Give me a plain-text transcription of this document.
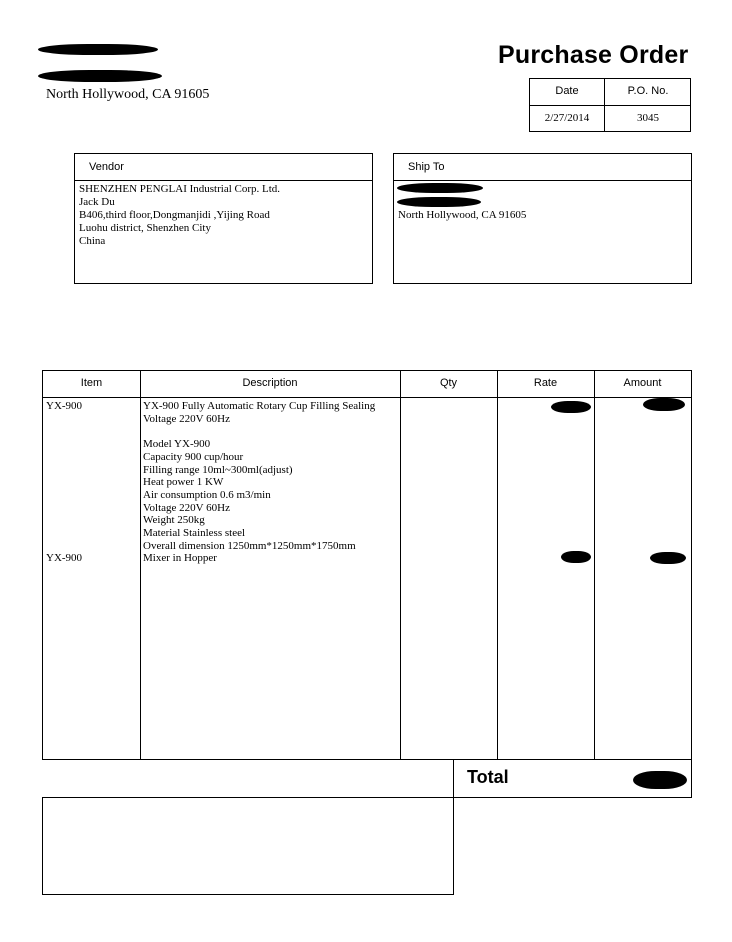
North Hollywood, CA 91605
Purchase Order
Date	P.O. No.
2/27/2014	3045
Vendor
SHENZHEN PENGLAI Industrial Corp. Ltd.
Jack Du
B406,third floor,Dongmanjidi ,Yijing Road
Luohu district, Shenzhen City
China
Ship To
North Hollywood, CA 91605
Item	Description	Qty	Rate	Amount
YX-900	YX-900 Fully Automatic Rotary Cup Filling Sealing
Voltage 220V 60Hz
Model YX-900
Capacity 900 cup/hour
Filling range 10ml~300ml(adjust)
Heat power 1 KW
Air consumption 0.6 m3/min
Voltage 220V 60Hz
Weight 250kg
Material Stainless steel
Overall dimension 1250mm*1250mm*1750mm
YX-900	Mixer in Hopper
Total
